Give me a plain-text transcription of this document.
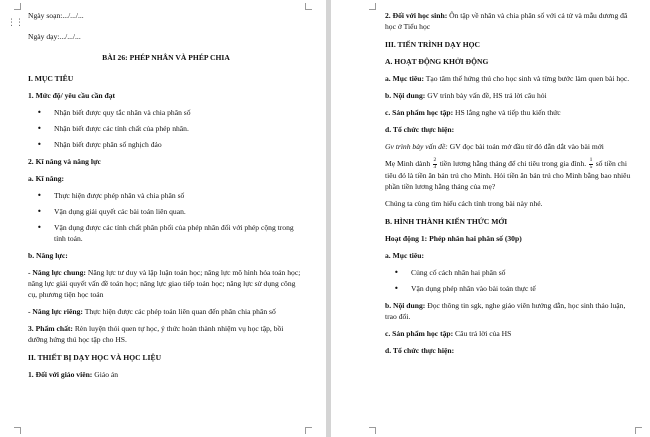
⋮⋮

Ngày soạn:.../.../...

Ngày dạy:.../.../...

BÀI 26: PHÉP NHÂN VÀ PHÉP CHIA

I. MỤC TIÊU

1. Mức độ/ yêu cầu cần đạt

• Nhận biết được quy tắc nhân và chia phân số
• Nhận biết được các tính chất của phép nhân.
• Nhận biết được phân số nghịch đảo

2. Kĩ năng và năng lực

a. Kĩ năng:

• Thực hiện được phép nhân và chia phân số
• Vận dụng giải quyết các bài toán liên quan.
• Vận dụng được các tính chất phân phối của phép nhân đối với phép cộng trong tính toán.

b. Năng lực:

- Năng lực chung: Năng lực tư duy và lập luận toán học; năng lực mô hình hóa toán học; năng lực giải quyết vấn đề toán học; năng lực giao tiếp toán học; năng lực sử dụng công cụ, phương tiện học toán

- Năng lực riêng: Thực hiện được các phép toán liên quan đến phân chia phân số

3. Phẩm chất: Rèn luyện thói quen tự học, ý thức hoàn thành nhiệm vụ học tập, bồi dưỡng hứng thú học tập cho HS.

II. THIẾT BỊ DẠY HỌC VÀ HỌC LIỆU

1. Đối với giáo viên: Giáo án

2. Đối với học sinh: Ôn tập về nhân và chia phân số với cả tử và mẫu dương đã học ở Tiểu học

III. TIẾN TRÌNH DẠY HỌC

A. HOẠT ĐỘNG KHỞI ĐỘNG

a. Mục tiêu: Tạo tâm thế hứng thú cho học sinh và từng bước làm quen bài học.

b. Nội dung: GV trình bày vấn đề, HS trả lời câu hỏi

c. Sản phẩm học tập: HS lắng nghe và tiếp thu kiến thức

d. Tổ chức thực hiện:

Gv trình bày vấn đề: GV đọc bài toán mở đầu từ đó dẫn dắt vào bài mới

Mẹ Minh dành $\frac{2}{3}$ tiền lương hằng tháng để chi tiêu trong gia đình. $\frac{1}{5}$ số tiền chi tiêu đó là tiền ăn bán trú cho Minh. Hỏi tiền ăn bán trú cho Minh bằng bao nhiêu phần tiền lương hằng tháng của mẹ?

Chúng ta cùng tìm hiểu cách tính trong bài này nhé.

B. HÌNH THÀNH KIẾN THỨC MỚI

Hoạt động 1: Phép nhân hai phân số (30p)

a. Mục tiêu:

• Củng cố cách nhân hai phân số
• Vận dụng phép nhân vào bài toán thực tế

b. Nội dung: Đọc thông tin sgk, nghe giáo viên hướng dẫn, học sinh thảo luận, trao đổi.

c. Sản phẩm học tập: Câu trả lời của HS

d. Tổ chức thực hiện:
